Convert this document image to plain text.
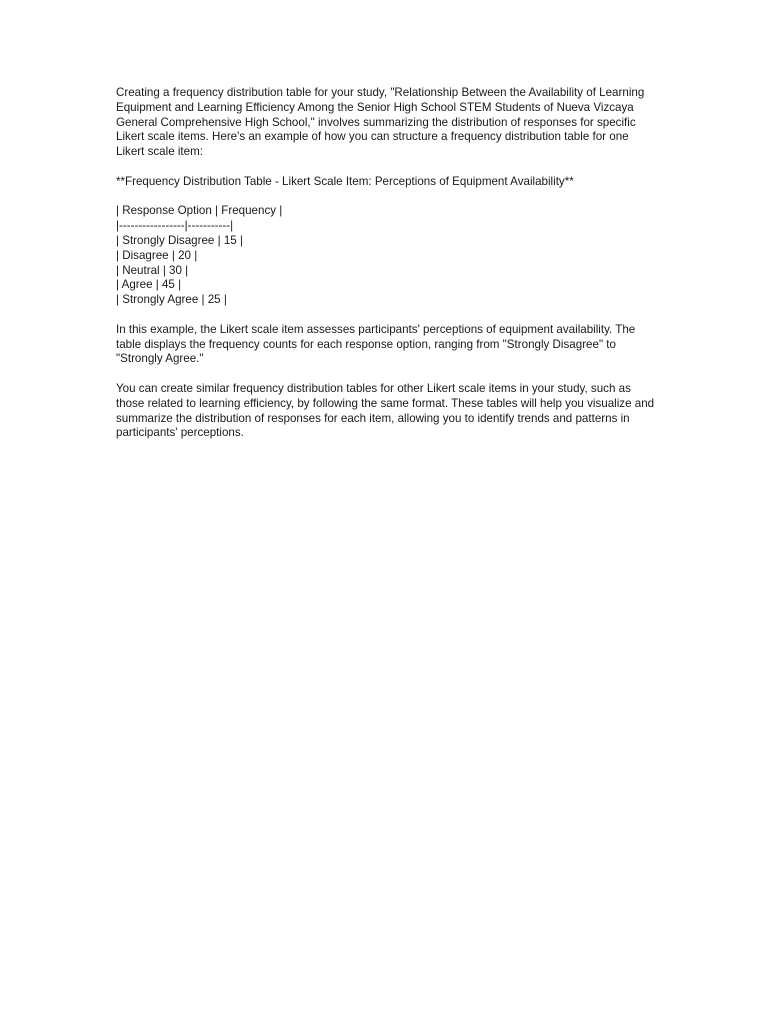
Creating a frequency distribution table for your study, "Relationship Between the Availability of Learning Equipment and Learning Efficiency Among the Senior High School STEM Students of Nueva Vizcaya General Comprehensive High School," involves summarizing the distribution of responses for specific Likert scale items. Here's an example of how you can structure a frequency distribution table for one Likert scale item:

**Frequency Distribution Table - Likert Scale Item: Perceptions of Equipment Availability**

| Response Option | Frequency |
|-----------------|-----------|
| Strongly Disagree | 15 |
| Disagree | 20 |
| Neutral | 30 |
| Agree | 45 |
| Strongly Agree | 25 |

In this example, the Likert scale item assesses participants' perceptions of equipment availability. The table displays the frequency counts for each response option, ranging from "Strongly Disagree" to "Strongly Agree."

You can create similar frequency distribution tables for other Likert scale items in your study, such as those related to learning efficiency, by following the same format. These tables will help you visualize and summarize the distribution of responses for each item, allowing you to identify trends and patterns in participants' perceptions.
